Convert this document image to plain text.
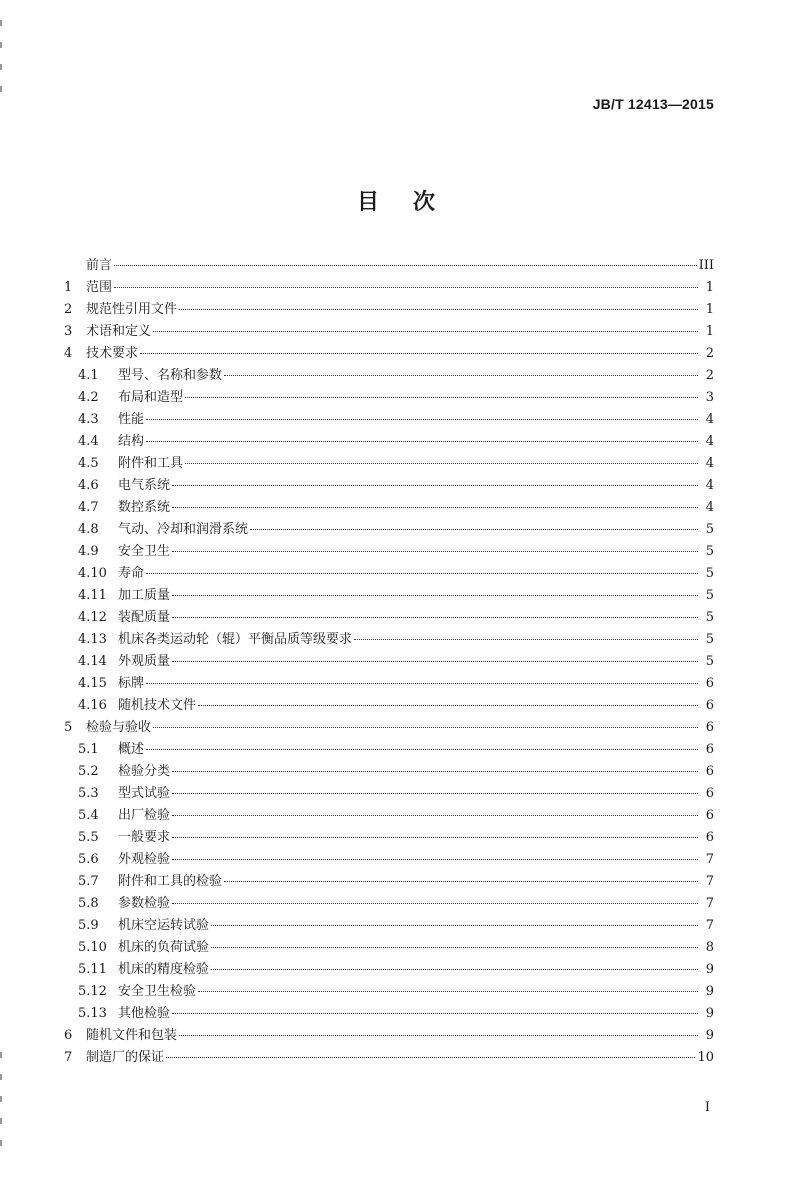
JB/T 12413—2015
目次
前言	III
1	范围	1
2	规范性引用文件	1
3	术语和定义	1
4	技术要求	2
4.1	型号、名称和参数	2
4.2	布局和造型	3
4.3	性能	4
4.4	结构	4
4.5	附件和工具	4
4.6	电气系统	4
4.7	数控系统	4
4.8	气动、冷却和润滑系统	5
4.9	安全卫生	5
4.10 寿命	5
4.11 加工质量	5
4.12 装配质量	5
4.13 机床各类运动轮（辊）平衡品质等级要求	5
4.14 外观质量	5
4.15 标牌	6
4.16 随机技术文件	6
5	检验与验收	6
5.1	概述	6
5.2	检验分类	6
5.3	型式试验	6
5.4	出厂检验	6
5.5	一般要求	6
5.6	外观检验	7
5.7	附件和工具的检验	7
5.8	参数检验	7
5.9	机床空运转试验	7
5.10 机床的负荷试验	8
5.11 机床的精度检验	9
5.12 安全卫生检验	9
5.13 其他检验	9
6	随机文件和包装	9
7	制造厂的保证	10
I
